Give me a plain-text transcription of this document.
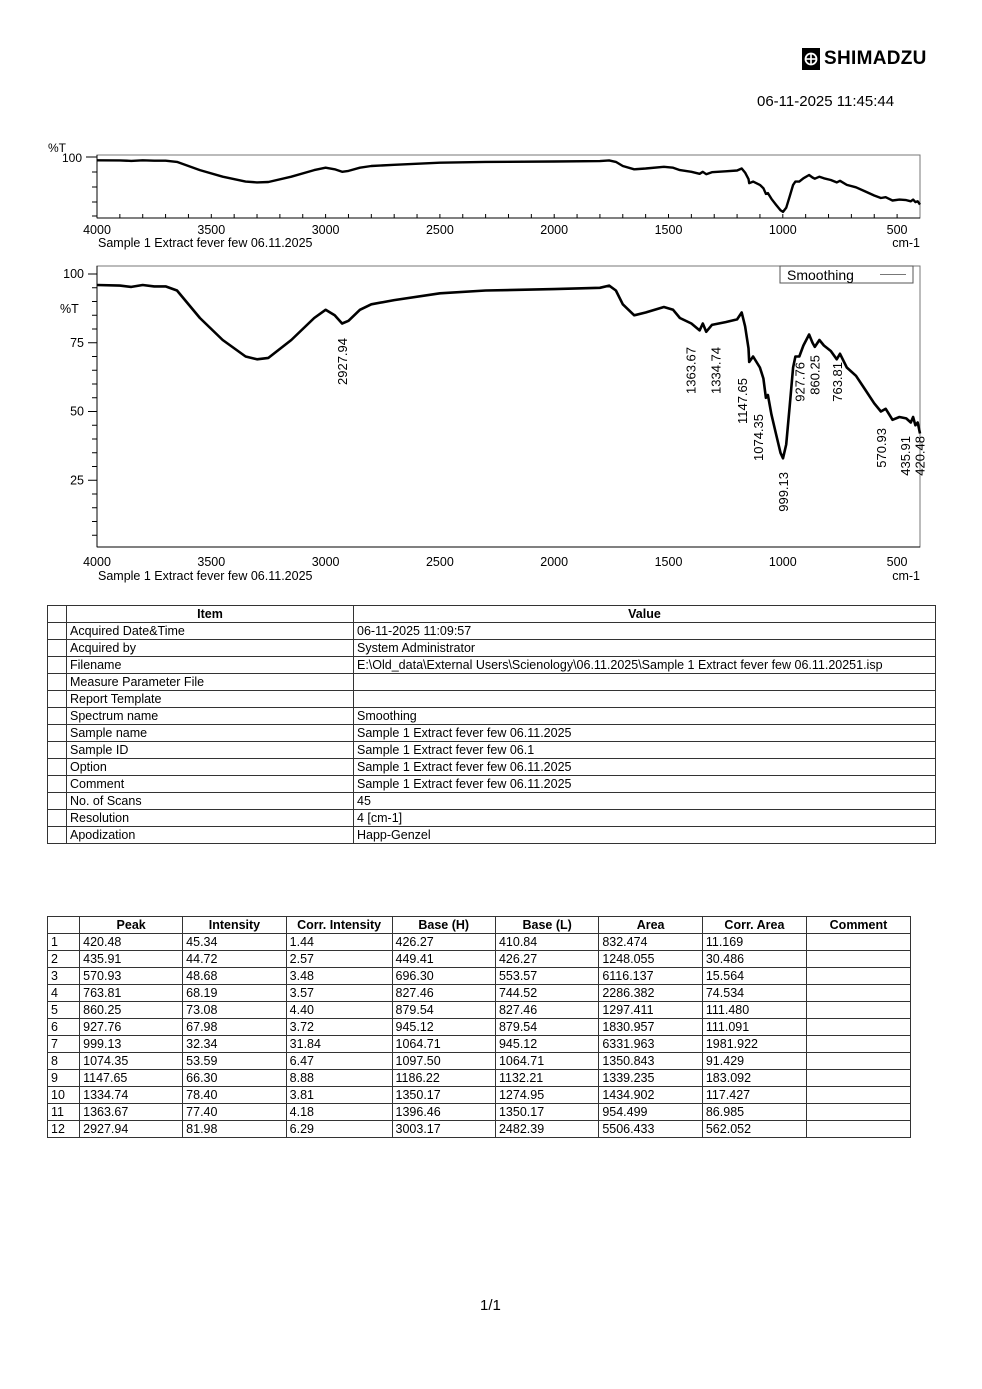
SHIMADZU
06-11-2025 11:45:44
%T
100
4000	3500	3000	2500	2000	1500	1000	500
Sample 1 Extract fever few 06.11.2025	cm-1
100
75
50
25
%T
4000	3500	3000	2500	2000	1500	1000	500
Sample 1 Extract fever few 06.11.2025	cm-1
Smoothing
2927.94	1363.67 1334.74
1147.65
1074.35
999.13
927.76 860.25 763.81
570.93 435.91 420.48
	Item	Value
	Acquired Date&Time	06-11-2025 11:09:57
	Acquired by	System Administrator
	Filename	E:\Old_data\External Users\Scienology\06.11.2025\Sample 1 Extract fever few 06.11.20251.isp
	Measure Parameter File	
	Report Template	
	Spectrum name	Smoothing
	Sample name	Sample 1 Extract fever few 06.11.2025
	Sample ID	Sample 1 Extract fever few 06.1
	Option	Sample 1 Extract fever few 06.11.2025
	Comment	Sample 1 Extract fever few 06.11.2025
	No. of Scans	45
	Resolution	4 [cm-1]
	Apodization	Happ-Genzel
	Peak	Intensity	Corr. Intensity	Base (H)	Base (L)	Area	Corr. Area	Comment
1	420.48	45.34	1.44	426.27	410.84	832.474	11.169	
2	435.91	44.72	2.57	449.41	426.27	1248.055	30.486	
3	570.93	48.68	3.48	696.30	553.57	6116.137	15.564	
4	763.81	68.19	3.57	827.46	744.52	2286.382	74.534	
5	860.25	73.08	4.40	879.54	827.46	1297.411	111.480	
6	927.76	67.98	3.72	945.12	879.54	1830.957	111.091	
7	999.13	32.34	31.84	1064.71	945.12	6331.963	1981.922	
8	1074.35	53.59	6.47	1097.50	1064.71	1350.843	91.429	
9	1147.65	66.30	8.88	1186.22	1132.21	1339.235	183.092	
10	1334.74	78.40	3.81	1350.17	1274.95	1434.902	117.427	
11	1363.67	77.40	4.18	1396.46	1350.17	954.499	86.985	
12	2927.94	81.98	6.29	3003.17	2482.39	5506.433	562.052	
1/1
